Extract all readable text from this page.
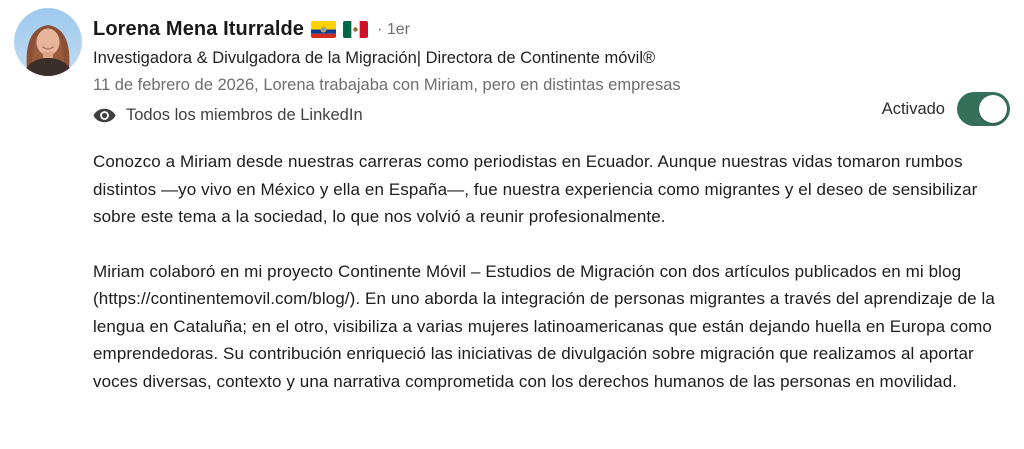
Lorena Mena Iturralde	· 1er
Investigadora & Divulgadora de la Migración| Directora de Continente móvil®
11 de febrero de 2026, Lorena trabajaba con Miriam, pero en distintas empresas
Todos los miembros de LinkedIn	Activado

Conozco a Miriam desde nuestras carreras como periodistas en Ecuador. Aunque nuestras vidas tomaron rumbos distintos —yo vivo en México y ella en España—, fue nuestra experiencia como migrantes y el deseo de sensibilizar sobre este tema a la sociedad, lo que nos volvió a reunir profesionalmente.

Miriam colaboró en mi proyecto Continente Móvil – Estudios de Migración con dos artículos publicados en mi blog (https://continentemovil.com/blog/). En uno aborda la integración de personas migrantes a través del aprendizaje de la lengua en Cataluña; en el otro, visibiliza a varias mujeres latinoamericanas que están dejando huella en Europa como emprendedoras. Su contribución enriqueció las iniciativas de divulgación sobre migración que realizamos al aportar voces diversas, contexto y una narrativa comprometida con los derechos humanos de las personas en movilidad.
